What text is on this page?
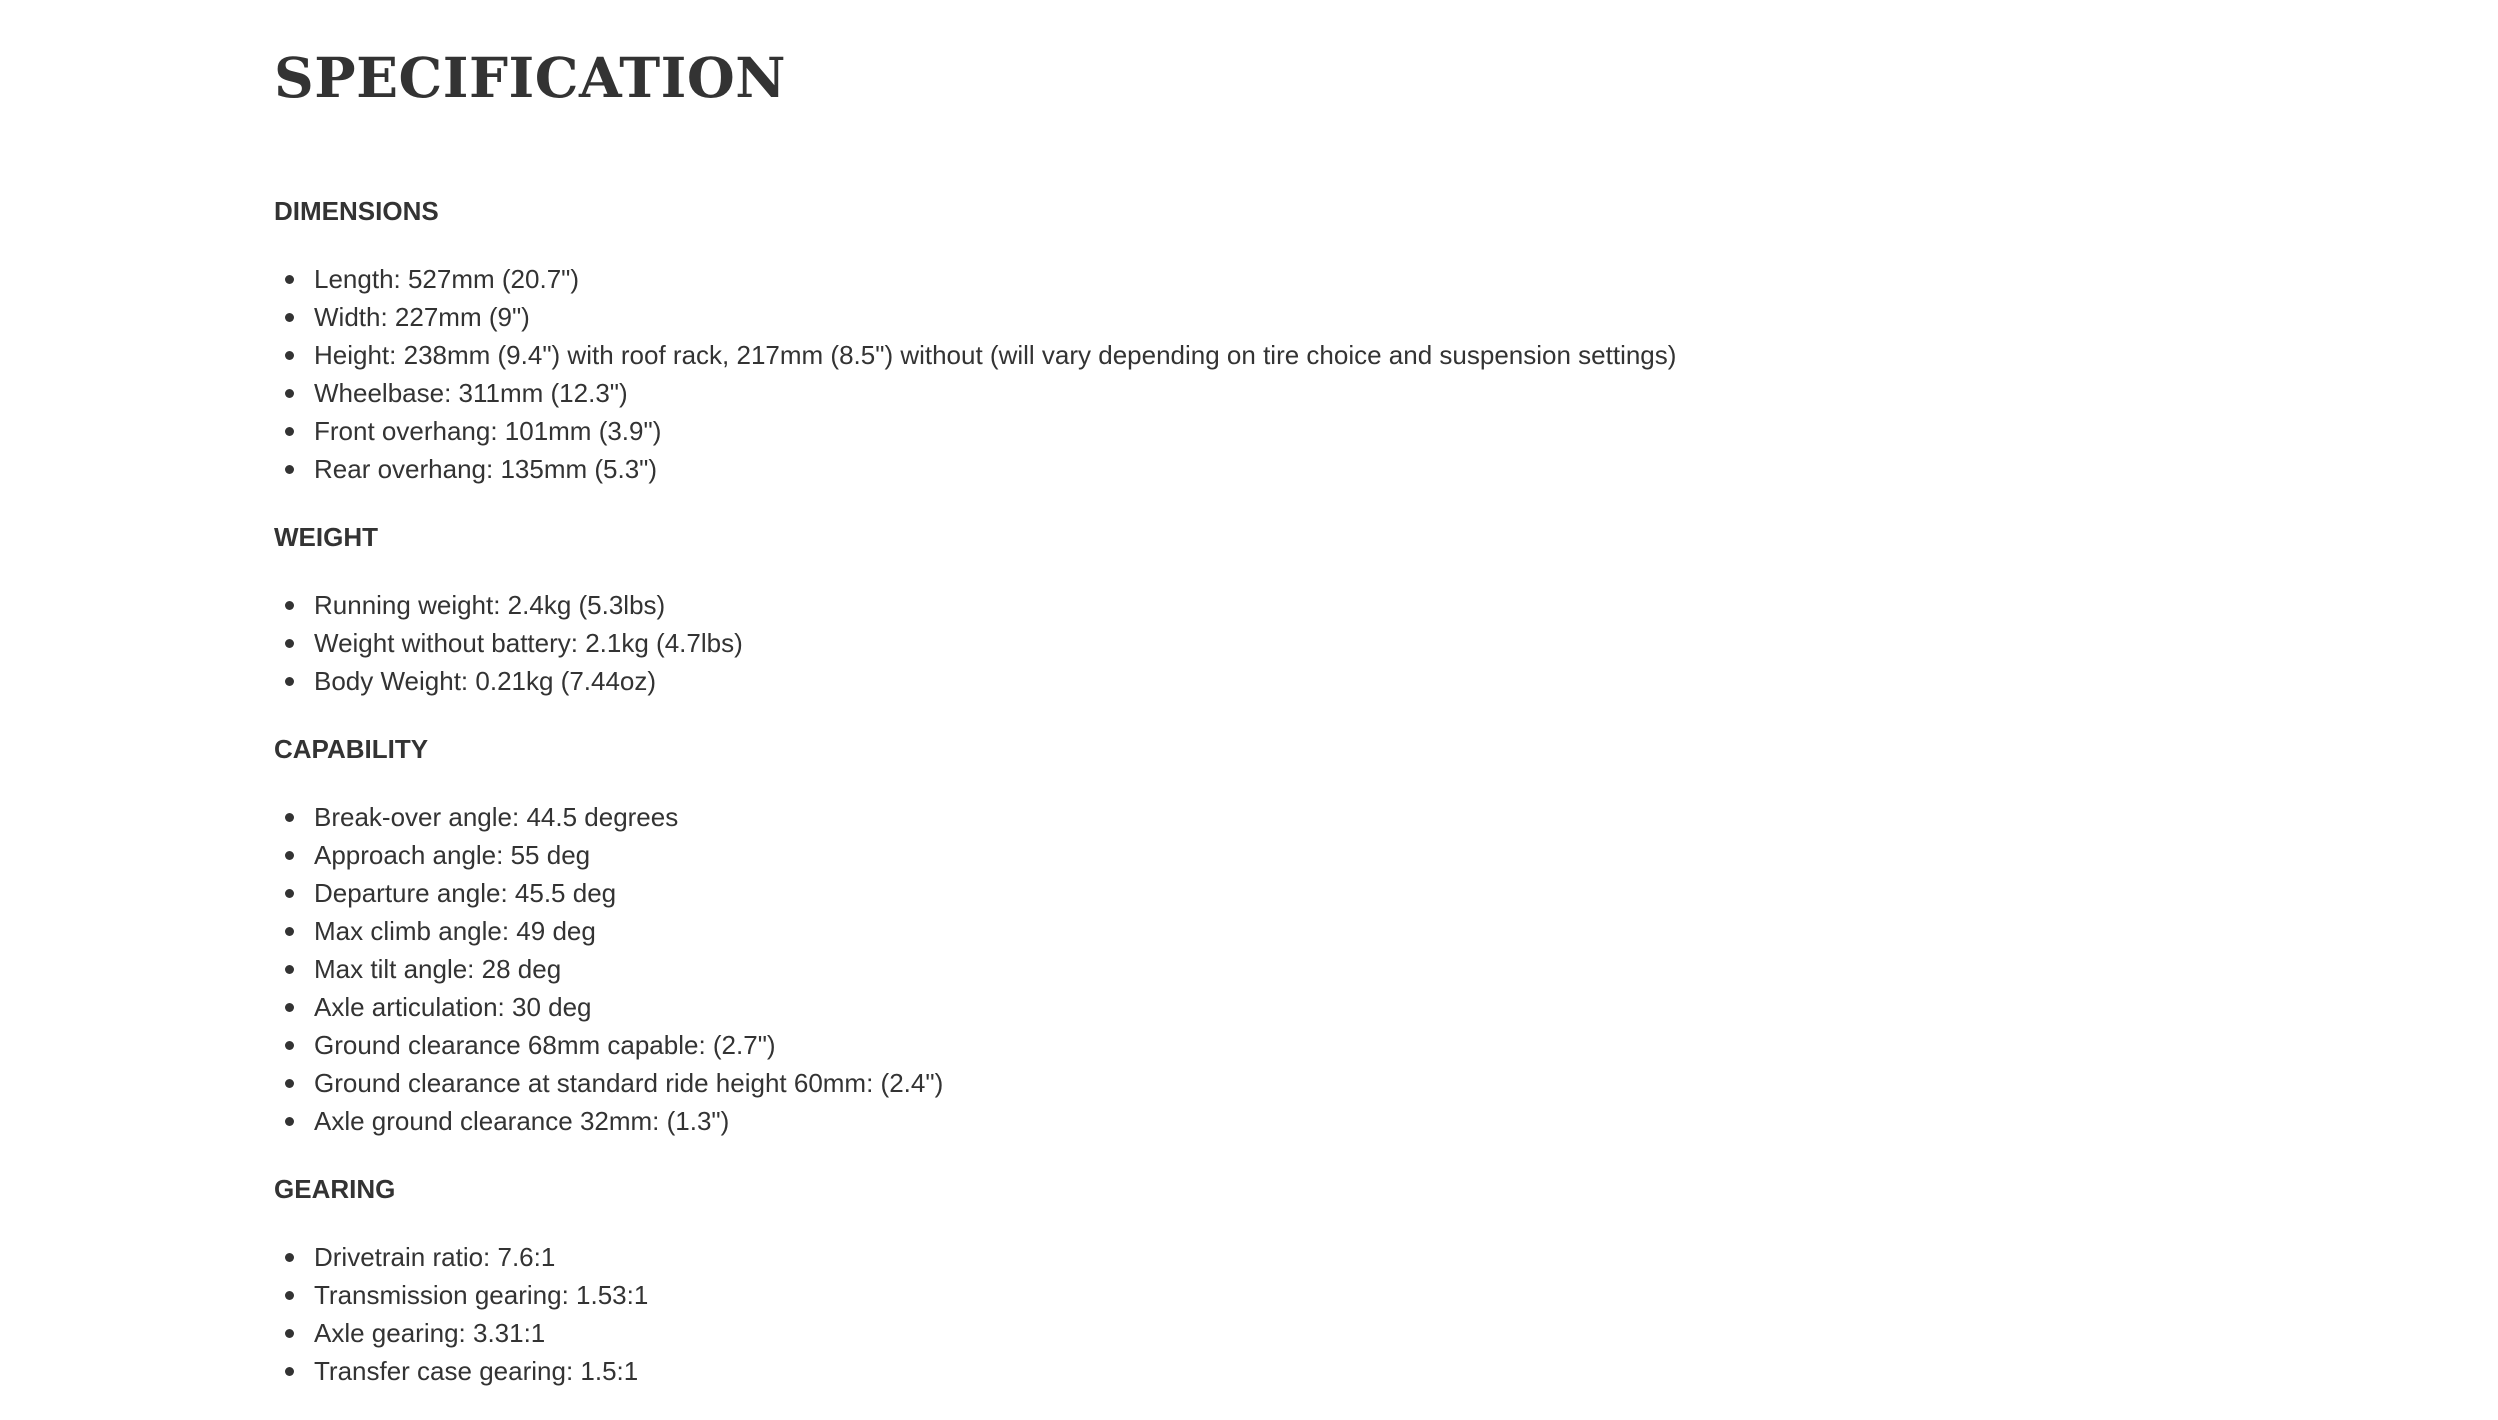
SPECIFICATION
DIMENSIONS
Length: 527mm (20.7")
Width: 227mm (9")
Height: 238mm (9.4") with roof rack, 217mm (8.5") without (will vary depending on tire choice and suspension settings)
Wheelbase: 311mm (12.3")
Front overhang: 101mm (3.9")
Rear overhang: 135mm (5.3")
WEIGHT
Running weight: 2.4kg (5.3lbs)
Weight without battery: 2.1kg (4.7lbs)
Body Weight: 0.21kg (7.44oz)
CAPABILITY
Break-over angle: 44.5 degrees
Approach angle: 55 deg
Departure angle: 45.5 deg
Max climb angle: 49 deg
Max tilt angle: 28 deg
Axle articulation: 30 deg
Ground clearance 68mm capable: (2.7")
Ground clearance at standard ride height 60mm: (2.4")
Axle ground clearance 32mm: (1.3")
GEARING
Drivetrain ratio: 7.6:1
Transmission gearing: 1.53:1
Axle gearing: 3.31:1
Transfer case gearing: 1.5:1
